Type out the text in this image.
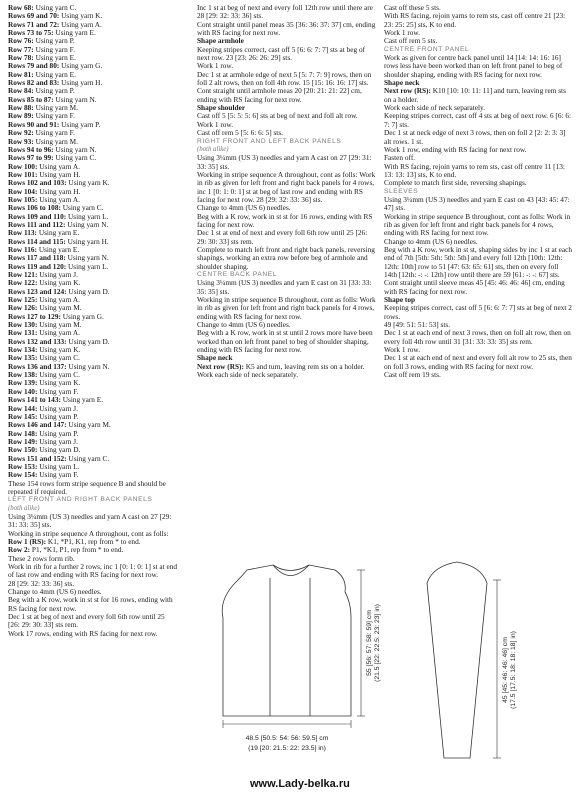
Row 68: Using yarn C.
Rows 69 and 70: Using yarn K.
Rows 71 and 72: Using yarn A.
Rows 73 to 75: Using yarn E.
Row 76: Using yarn P.
Row 77: Using yarn F.
Row 78: Using yarn E.
Rows 79 and 80: Using yarn G.
Row 81: Using yarn E.
Rows 82 and 83: Using yarn H.
Row 84: Using yarn P.
Rows 85 to 87: Using yarn N.
Row 88: Using yarn M.
Row 89: Using yarn F.
Rows 90 and 91: Using yarn P.
Row 92: Using yarn F.
Row 93: Using yarn M.
Rows 94 to 96: Using yarn N.
Rows 97 to 99: Using yarn C.
Row 100: Using yarn A.
Row 101: Using yarn H.
Rows 102 and 103: Using yarn K.
Row 104: Using yarn H.
Row 105: Using yarn A.
Rows 106 to 108: Using yarn C.
Rows 109 and 110: Using yarn L.
Rows 111 and 112: Using yarn N.
Row 113: Using yarn E.
Rows 114 and 115: Using yarn H.
Row 116: Using yarn E.
Rows 117 and 118: Using yarn N.
Rows 119 and 120: Using yarn L.
Row 121: Using yarn J.
Row 122: Using yarn K.
Rows 123 and 124: Using yarn D.
Row 125: Using yarn A.
Row 126: Using yarn M.
Rows 127 to 129: Using yarn G.
Row 130: Using yarn M.
Row 131: Using yarn A.
Rows 132 and 133: Using yarn D.
Row 134: Using yarn K.
Row 135: Using yarn C.
Rows 136 and 137: Using yarn N.
Row 138: Using yarn C.
Row 139: Using yarn K.
Row 140: Using yarn F.
Rows 141 to 143: Using yarn E.
Row 144: Using yarn J.
Row 145: Using yarn P.
Rows 146 and 147: Using yarn M.
Row 148: Using yarn P.
Row 149: Using yarn J.
Row 150: Using yarn D.
Rows 151 and 152: Using yarn C.
Row 153: Using yarn L.
Row 154: Using yarn F.

These 154 rows form stripe sequence B and should be repeated if required.

LEFT FRONT AND RIGHT BACK PANELS

(both alike)

Using 3¼mm (US 3) needles and yarn A cast on 27 [29: 31: 33: 35] sts.

Working in stripe sequence A throughout, cont as folls:

Row 1 (RS): K1, *P1, K1, rep from * to end.

Row 2: P1, *K1, P1, rep from * to end.

These 2 rows form rib.

Work in rib for a further 2 rows, inc 1 [0: 1: 0: 1] st at end of last row and ending with RS facing for next row.

28 [29: 32: 33: 36] sts.

Change to 4mm (US 6) needles.

Beg with a K row, work in st st for 16 rows, ending with RS facing for next row.

Dec 1 st at beg of next and every foll 6th row until 25 [26: 29: 30: 33] sts rem.

Work 17 rows, ending with RS facing for next row.

Inc 1 st at beg of next and every foll 12th row until there are 28 [29: 32: 33: 36] sts.

Cont straight until panel meas 35 [36: 36: 37: 37] cm, ending with RS facing for next row.

Shape armhole

Keeping stripes correct, cast off 5 [6: 6: 7: 7] sts at beg of next row. 23 [23: 26: 26: 29] sts.

Work 1 row.

Dec 1 st at armhole edge of next 5 [5: 7: 7: 9] rows, then on foll 2 alt rows, then on foll 4th row. 15 [15: 16: 16: 17] sts.

Cont straight until armhole meas 20 [20: 21: 21: 22] cm, ending with RS facing for next row.

Shape shoulder

Cast off 5 [5: 5: 5: 6] sts at beg of next and foll alt row.

Work 1 row.

Cast off rem 5 [5: 6: 6: 5] sts.

RIGHT FRONT AND LEFT BACK PANELS

(both alike)

Using 3¼mm (US 3) needles and yarn A cast on 27 [29: 31: 33: 35] sts.

Working in stripe sequence A throughout, cont as folls: Work in rib as given for left front and right back panels for 4 rows, inc 1 [0: 1: 0: 1] st at beg of last row and ending with RS facing for next row. 28 [29: 32: 33: 36] sts.

Change to 4mm (US 6) needles.

Beg with a K row, work in st st for 16 rows, ending with RS facing for next row.

Dec 1 st at end of next and every foll 6th row until 25 [26: 29: 30: 33] sts rem.

Complete to match left front and right back panels, reversing shapings, working an extra row before beg of armhole and shoulder shaping.

CENTRE BACK PANEL

Using 3¼mm (US 3) needles and yarn E cast on 31 [33: 33: 35: 35] sts.

Working in stripe sequence B throughout, cont as folls: Work in rib as given for left front and right back panels for 4 rows, ending with RS facing for next row.

Change to 4mm (US 6) needles.

Beg with a K row, work in st st until 2 rows more have been worked than on left front panel to beg of shoulder shaping, ending with RS facing for next row.

Shape neck

Next row (RS): K5 and turn, leaving rem sts on a holder.

Work each side of neck separately.

Cast off these 5 sts.

With RS facing, rejoin yarns to rem sts, cast off centre 21 [23: 23: 25: 25] sts, K to end.

Work 1 row.

Cast off rem 5 sts.

CENTRE FRONT PANEL

Work as given for centre back panel until 14 [14: 14: 16: 16] rows less have been worked than on left front panel to beg of shoulder shaping, ending with RS facing for next row.

Shape neck

Next row (RS): K10 [10: 10: 11: 11] and turn, leaving rem sts on a holder.

Work each side of neck separately.

Keeping stripes correct, cast off 4 sts at beg of next row. 6 [6: 6: 7: 7] sts.

Dec 1 st at neck edge of next 3 rows, then on foll 2 [2: 2: 3: 3] alt rows. 1 st.

Work 1 row, ending with RS facing for next row.

Fasten off.

With RS facing, rejoin yarns to rem sts, cast off centre 11 [13: 13: 13: 13] sts, K to end.

Complete to match first side, reversing shapings.

SLEEVES

Using 3¼mm (US 3) needles and yarn E cast on 43 [43: 45: 47: 47] sts.

Working in stripe sequence B throughout, cont as folls: Work in rib as given for left front and right back panels for 4 rows, ending with RS facing for next row.

Change to 4mm (US 6) needles.

Beg with a K row, work in st st, shaping sides by inc 1 st at each end of 7th [5th: 5th: 5th: 5th] and every foll 12th [10th: 12th: 12th: 10th] row to 51 [47: 63: 65: 61] sts, then on every foll 14th [12th: -: -: 12th] row until there are 59 [61: -: -: 67] sts.

Cont straight until sleeve meas 45 [45: 46: 46: 46] cm, ending with RS facing for next row.

Shape top

Keeping stripes correct, cast off 5 [6: 6: 7: 7] sts at beg of next 2 rows.

49 [49: 51: 51: 53] sts.

Dec 1 st at each end of next 3 rows, then on foll alt row, then on every foll 4th row until 31 [31: 33: 33: 35] sts rem.

Work 1 row.

Dec 1 st at each end of next and every foll alt row to 25 sts, then on foll 3 rows, ending with RS facing for next row.

Cast off rem 19 sts.

55 [56: 57: 58: 59] cm (21.5 [22: 22.5: 23: 23] in)
48.5 [50.5: 54: 56: 59.5] cm
(19 [20: 21.5: 22: 23.5] in)
45 [45: 46: 46: 46] cm (17.5 [17.5: 18: 18: 18] in)
www.Lady-belka.ru
